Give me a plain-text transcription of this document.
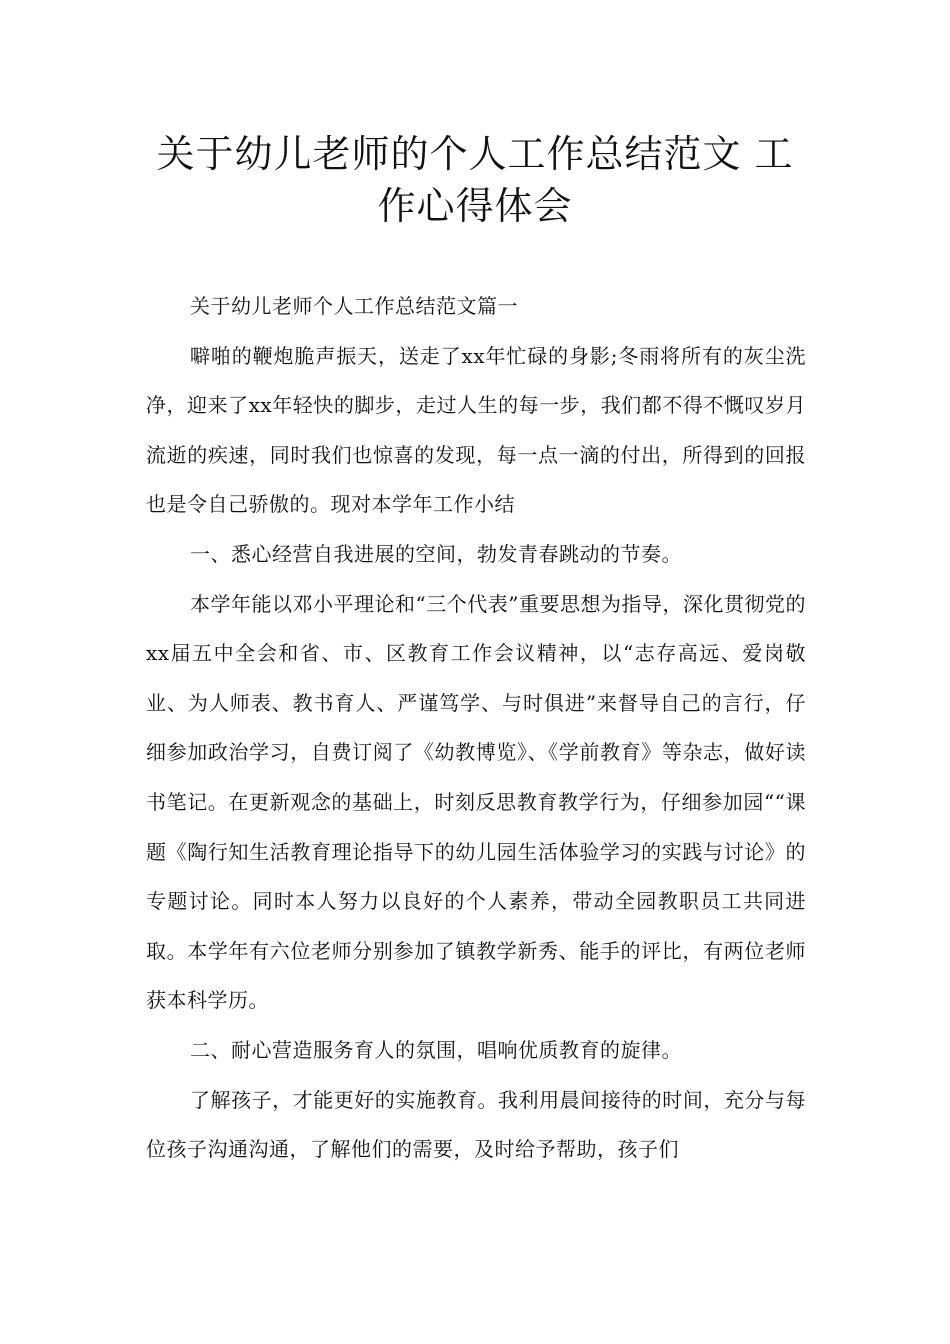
关于幼儿老师的个人工作总结范文 工作心得体会

关于幼儿老师个人工作总结范文篇一

噼啪的鞭炮脆声振天，送走了xx年忙碌的身影;冬雨将所有的灰尘洗净，迎来了xx年轻快的脚步，走过人生的每一步，我们都不得不慨叹岁月流逝的疾速，同时我们也惊喜的发现，每一点一滴的付出，所得到的回报也是令自己骄傲的。现对本学年工作小结

一、悉心经营自我进展的空间，勃发青春跳动的节奏。

本学年能以邓小平理论和“三个代表”重要思想为指导，深化贯彻党的xx届五中全会和省、市、区教育工作会议精神，以“志存高远、爱岗敬业、为人师表、教书育人、严谨笃学、与时俱进”来督导自己的言行，仔细参加政治学习，自费订阅了《幼教博览》、《学前教育》等杂志，做好读书笔记。在更新观念的基础上，时刻反思教育教学行为，仔细参加园““课题《陶行知生活教育理论指导下的幼儿园生活体验学习的实践与讨论》的专题讨论。同时本人努力以良好的个人素养，带动全园教职员工共同进取。本学年有六位老师分别参加了镇教学新秀、能手的评比，有两位老师获本科学历。

二、耐心营造服务育人的氛围，唱响优质教育的旋律。

了解孩子，才能更好的实施教育。我利用晨间接待的时间，充分与每位孩子沟通沟通，了解他们的需要，及时给予帮助，孩子们
